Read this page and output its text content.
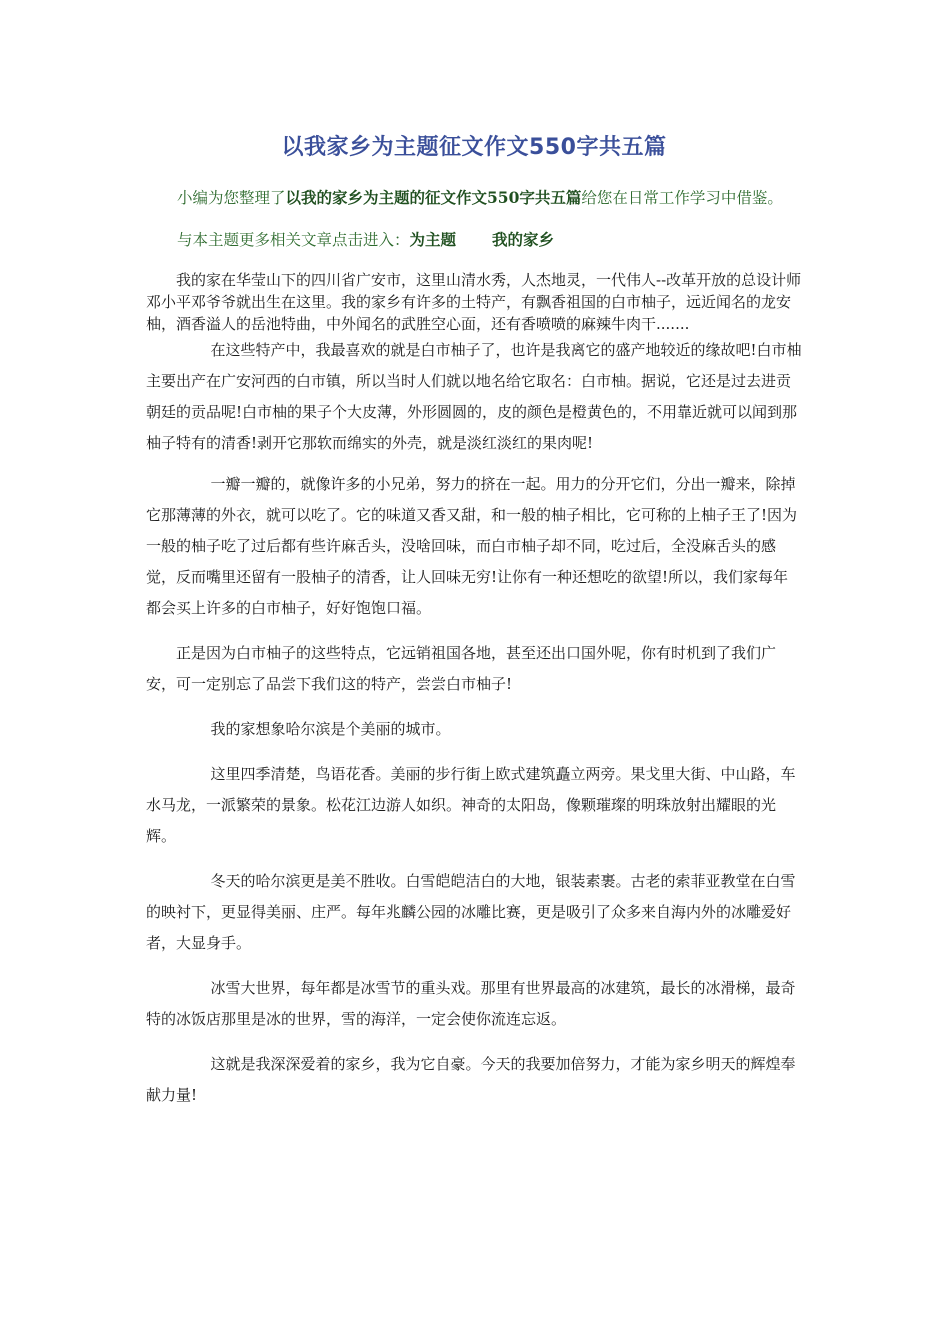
以我家乡为主题征文作文550字共五篇

小编为您整理了以我的家乡为主题的征文作文550字共五篇给您在日常工作学习中借鉴。

与本主题更多相关文章点击进入：为主题 我的家乡

我的家在华莹山下的四川省广安市，这里山清水秀，人杰地灵，一代伟人--改革开放的总设计师邓小平邓爷爷就出生在这里。我的家乡有许多的土特产，有飘香祖国的白市柚子，远近闻名的龙安柚，酒香溢人的岳池特曲，中外闻名的武胜空心面，还有香喷喷的麻辣牛肉干.......

在这些特产中，我最喜欢的就是白市柚子了，也许是我离它的盛产地较近的缘故吧!白市柚主要出产在广安河西的白市镇，所以当时人们就以地名给它取名：白市柚。据说，它还是过去进贡朝廷的贡品呢!白市柚的果子个大皮薄，外形圆圆的，皮的颜色是橙黄色的，不用靠近就可以闻到那柚子特有的清香!剥开它那软而绵实的外壳，就是淡红淡红的果肉呢!

一瓣一瓣的，就像许多的小兄弟，努力的挤在一起。用力的分开它们，分出一瓣来，除掉它那薄薄的外衣，就可以吃了。它的味道又香又甜，和一般的柚子相比，它可称的上柚子王了!因为一般的柚子吃了过后都有些许麻舌头，没啥回味，而白市柚子却不同，吃过后，全没麻舌头的感觉，反而嘴里还留有一股柚子的清香，让人回味无穷!让你有一种还想吃的欲望!所以，我们家每年都会买上许多的白市柚子，好好饱饱口福。

正是因为白市柚子的这些特点，它远销祖国各地，甚至还出口国外呢，你有时机到了我们广安，可一定别忘了品尝下我们这的特产，尝尝白市柚子!

我的家想象哈尔滨是个美丽的城市。

这里四季清楚，鸟语花香。美丽的步行街上欧式建筑矗立两旁。果戈里大街、中山路，车水马龙，一派繁荣的景象。松花江边游人如织。神奇的太阳岛，像颗璀璨的明珠放射出耀眼的光辉。

冬天的哈尔滨更是美不胜收。白雪皑皑洁白的大地，银装素裹。古老的索菲亚教堂在白雪的映衬下，更显得美丽、庄严。每年兆麟公园的冰雕比赛，更是吸引了众多来自海内外的冰雕爱好者，大显身手。

冰雪大世界，每年都是冰雪节的重头戏。那里有世界最高的冰建筑，最长的冰滑梯，最奇特的冰饭店那里是冰的世界，雪的海洋，一定会使你流连忘返。

这就是我深深爱着的家乡，我为它自豪。今天的我要加倍努力，才能为家乡明天的辉煌奉献力量!
